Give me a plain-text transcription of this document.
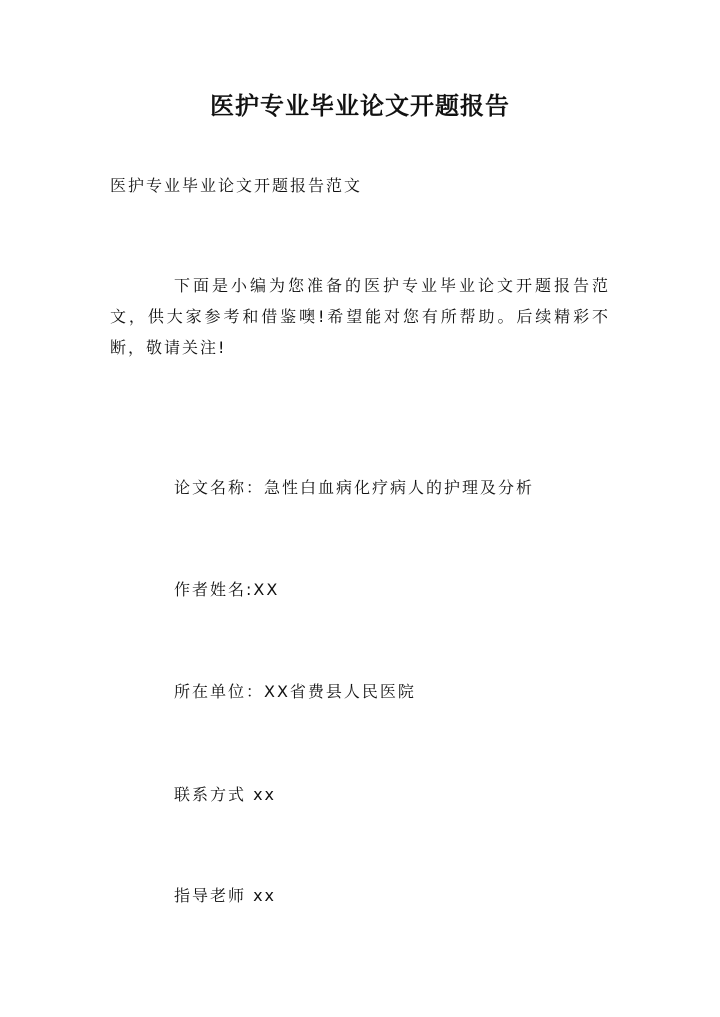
医护专业毕业论文开题报告
医护专业毕业论文开题报告范文
下面是小编为您准备的医护专业毕业论文开题报告范文，供大家参考和借鉴噢!希望能对您有所帮助。后续精彩不断，敬请关注!
论文名称：急性白血病化疗病人的护理及分析
作者姓名:XX
所在单位：XX省费县人民医院
联系方式 xx
指导老师 xx
